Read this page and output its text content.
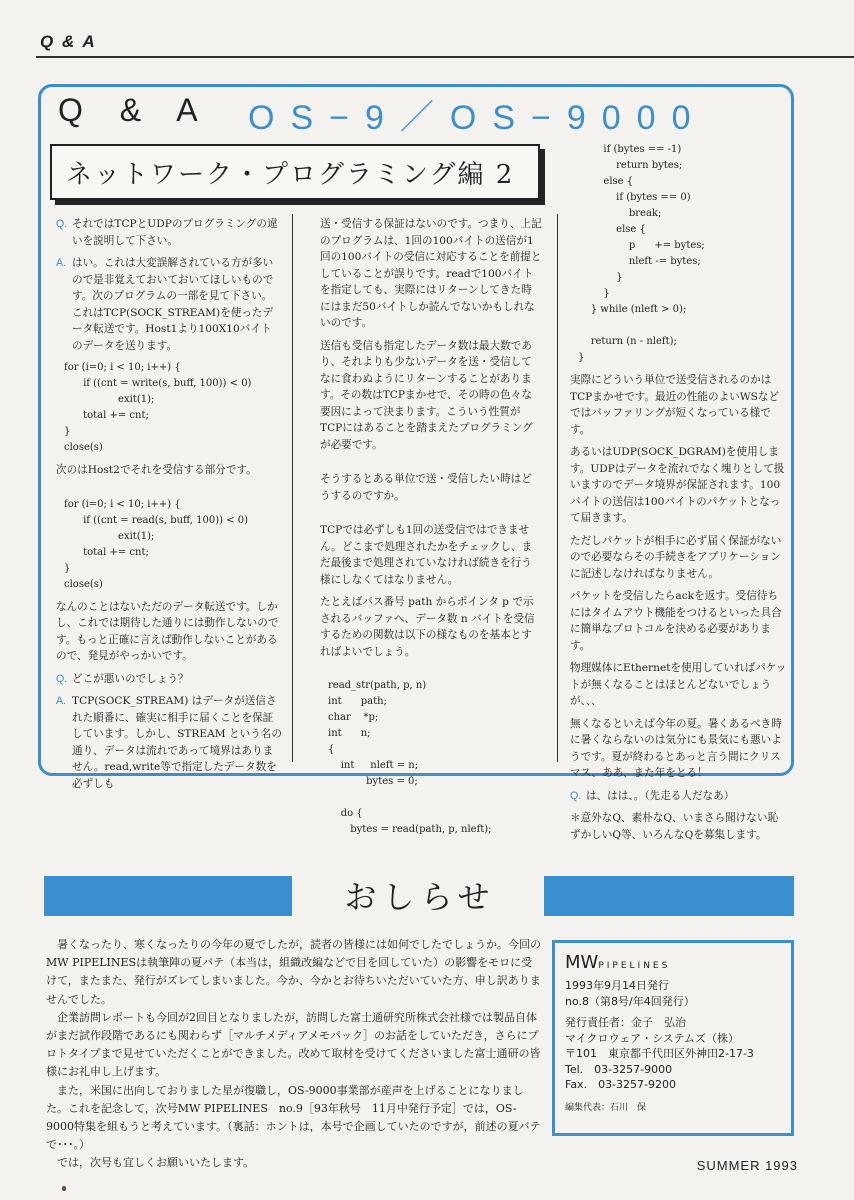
Q & A
Q & A OS−9／OS−9000
ネットワーク・プログラミング編 2
Q. それではTCPとUDPのプログラミングの違いを説明して下さい。
A. はい。これは大変誤解されている方が多いので是非覚えておいておいてほしいものです。次のプログラムの一部を見て下さい。これはTCP(SOCK_STREAM)を使ったデータ転送です。Host1より100X10バイトのデータを送ります。
for (i=0; i < 10; i++) {
if ((cnt = write(s, buff, 100)) < 0)
exit(1);
total += cnt;
}
close(s)

次のはHost2でそれを受信する部分です。

for (i=0; i < 10; i++) {
if ((cnt = read(s, buff, 100)) < 0)
exit(1);
total += cnt;
}
close(s)

なんのことはないただのデータ転送です。しかし、これでは期待した通りには動作しないのです。もっと正確に言えば動作しないことがあるので、発見がやっかいです。

Q. どこが悪いのでしょう？
A. TCP(SOCK_STREAM) はデータが送信された順番に、確実に相手に届くことを保証しています。しかし、STREAM という名の通り、データは流れであって境界はありません。read,write等で指定したデータ数を必ずしも

送・受信する保証はないのです。つまり、上記のプログラムは、1回の100バイトの送信が1回の100バイトの受信に対応することを前提としていることが誤りです。readで100バイトを指定しても、実際にはリターンしてきた時にはまだ50バイトしか読んでないかもしれないのです。

送信も受信も指定したデータ数は最大数であり、それよりも少ないデータを送・受信してなに食わぬようにリターンすることがあります。その数はTCPまかせで、その時の色々な要因によって決まります。こういう性質がTCPにはあることを踏まえたプログラミングが必要です。

そうするとある単位で送・受信したい時はどうするのですか。

TCPでは必ずしも1回の送受信ではできません。どこまで処理されたかをチェックし、まだ最後まで処理されていなければ続きを行う様にしなくてはなりません。

たとえばパス番号 path からポインタ p で示されるバッファへ、データ数 n バイトを受信するための関数は以下の様なものを基本とすればよいでしょう。

read_str(path, p, n)
int      path;
char    *p;
int      n;
{
int     nleft = n;
bytes = 0;

do {
bytes = read(path, p, nleft);
if (bytes == -1)
return bytes;
else {
if (bytes == 0)
break;
else {
p      += bytes;
nleft -= bytes;
}
}
} while (nleft > 0);

return (n - nleft);
}

実際にどういう単位で送受信されるのかはTCPまかせです。最近の性能のよいWSなどではバッファリングが短くなっている様です。

あるいはUDP(SOCK_DGRAM)を使用します。UDPはデータを流れでなく塊りとして扱いますのでデータ境界が保証されます。100バイトの送信は100バイトのパケットとなって届きます。

ただしパケットが相手に必ず届く保証がないので必要ならその手続きをアプリケーションに記述しなければなりません。

パケットを受信したらackを返す。受信待ちにはタイムアウト機能をつけるといった具合に簡単なプロトコルを決める必要があります。

物理媒体にEthernetを使用していればパケットが無くなることはほとんどないでしょうが、、、

無くなるといえば今年の夏。暑くあるべき時に暑くならないのは気分にも景気にも悪いようです。夏が終わるとあっと言う間にクリスマス、ああ、また年をとる！

Q. は、はは、。（先走る人だなあ）

＊意外なQ、素朴なQ、いまさら聞けない恥ずかしいQ等、いろんなQを募集します。

おしらせ

暑くなったり、寒くなったりの今年の夏でしたが，読者の皆様には如何でしたでしょうか。今回のMW PIPELINESは執筆陣の夏バテ（本当は，組織改編などで目を回していた）の影響をモロに受けて，またまた、発行がズレてしまいました。今か、今かとお待ちいただいていた方、申し訳ありませんでした。

企業訪問レポートも今回が2回目となりましたが，訪問した富士通研究所株式会社様では製品自体がまだ試作段階であるにも関わらず［マルチメディアメモパック］のお話をしていただき，さらにプロトタイプまで見せていただくことができました。改めて取材を受けてくださいました富士通研の皆様にお礼申し上げます。

また，米国に出向しておりました星が復職し，OS-9000事業部が産声を上げることになりました。これを記念して，次号MW PIPELINES　no.9［93年秋号　11月中発行予定］では，OS-9000特集を組もうと考えています。（裏話：ホントは，本号で企画していたのですが，前述の夏バテで･･･。）

では，次号も宜しくお願いいたします。

MWPIPELINES
1993年9月14日発行
no.8（第8号/年4回発行）
発行責任者：金子　弘治
マイクロウェア・システムズ（株）
〒101　東京都千代田区外神田2-17-3
Tel.　03-3257-9000
Fax.　03-3257-9200
編集代表：石川　保
SUMMER 1993
